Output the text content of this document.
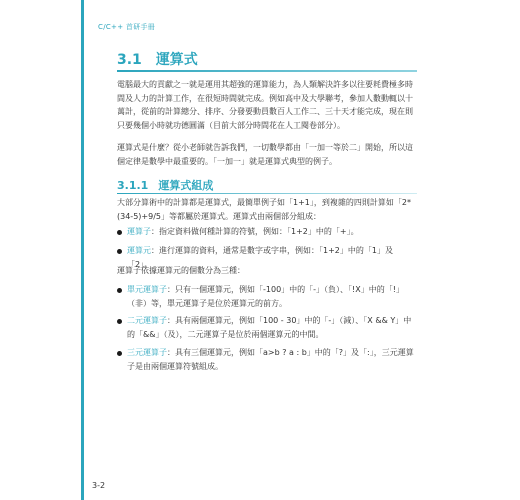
C/C++ 首研手冊
3.1 運算式
電腦最大的貢獻之一就是運用其超強的運算能力，為人類解決許多以往要耗費極多時間及人力的計算工作，在很短時間就完成。例如高中及大學聯考，參加人數動輒以十萬計，從前的計算總分、排序、分發要動員數百人工作二、三十天才能完成，現在則只要幾個小時就功德圓滿（目前大部分時間花在人工閱卷部分）。
運算式是什麼？從小老師就告訴我們，一切數學都由「一加一等於二」開始，所以這個定律是數學中最重要的。「一加一」就是運算式典型的例子。
3.1.1 運算式組成
大部分算術中的計算都是運算式，最簡單例子如「1+1」，到複雜的四則計算如「2*(34-5)+9/5」等都屬於運算式。運算式由兩個部分組成：
運算子：指定資料做何種計算的符號，例如：「1+2」中的「+」。
運算元：進行運算的資料，通常是數字或字串，例如：「1+2」中的「1」及「2」。
運算子依據運算元的個數分為三種：
單元運算子：只有一個運算元，例如「-100」中的「-」（負）、「!X」中的「!」（非）等，單元運算子是位於運算元的前方。
二元運算子：具有兩個運算元，例如「100 - 30」中的「-」（減）、「X && Y」中的「&&」（及），二元運算子是位於兩個運算元的中間。
三元運算子：具有三個運算元，例如「a>b ? a : b」中的「?」及「:」，三元運算子是由兩個運算符號組成。
3-2
